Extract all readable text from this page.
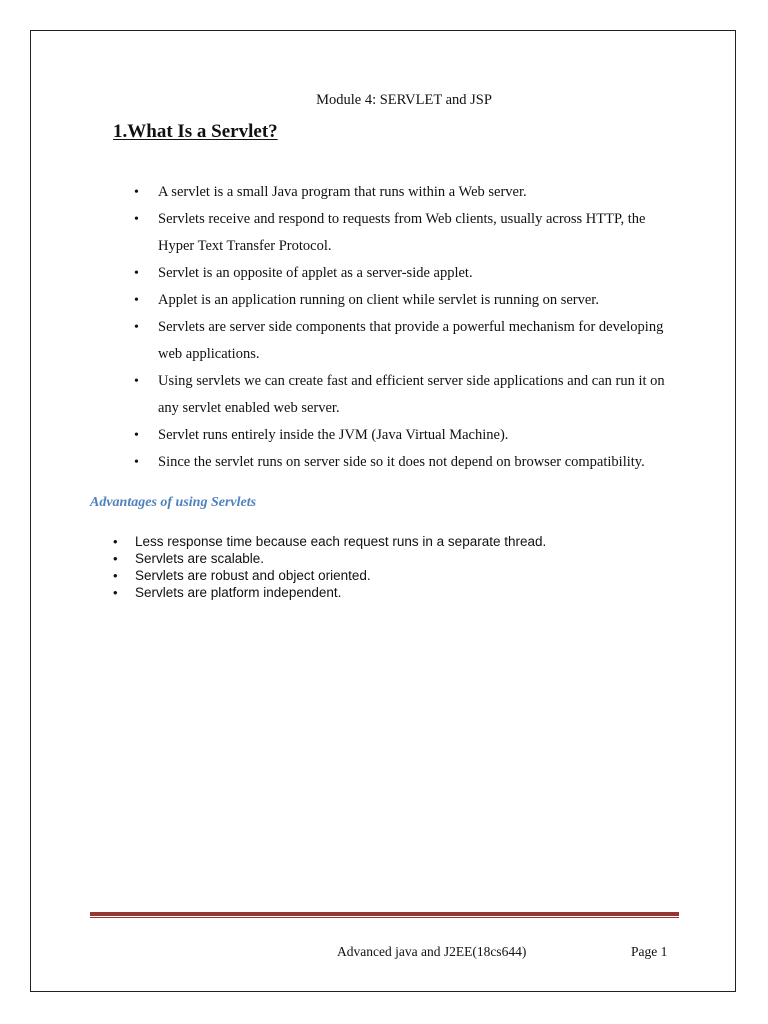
Module 4: SERVLET and JSP
1.What Is a Servlet?
• A servlet is a small Java program that runs within a Web server.
• Servlets receive and respond to requests from Web clients, usually across HTTP, the Hyper Text Transfer Protocol.
• Servlet is an opposite of applet as a server-side applet.
• Applet is an application running on client while servlet is running on server.
• Servlets are server side components that provide a powerful mechanism for developing web applications.
• Using servlets we can create fast and efficient server side applications and can run it on any servlet enabled web server.
• Servlet runs entirely inside the JVM (Java Virtual Machine).
• Since the servlet runs on server side so it does not depend on browser compatibility.
Advantages of using Servlets
• Less response time because each request runs in a separate thread.
• Servlets are scalable.
• Servlets are robust and object oriented.
• Servlets are platform independent.
Advanced java and J2EE(18cs644)	Page 1
